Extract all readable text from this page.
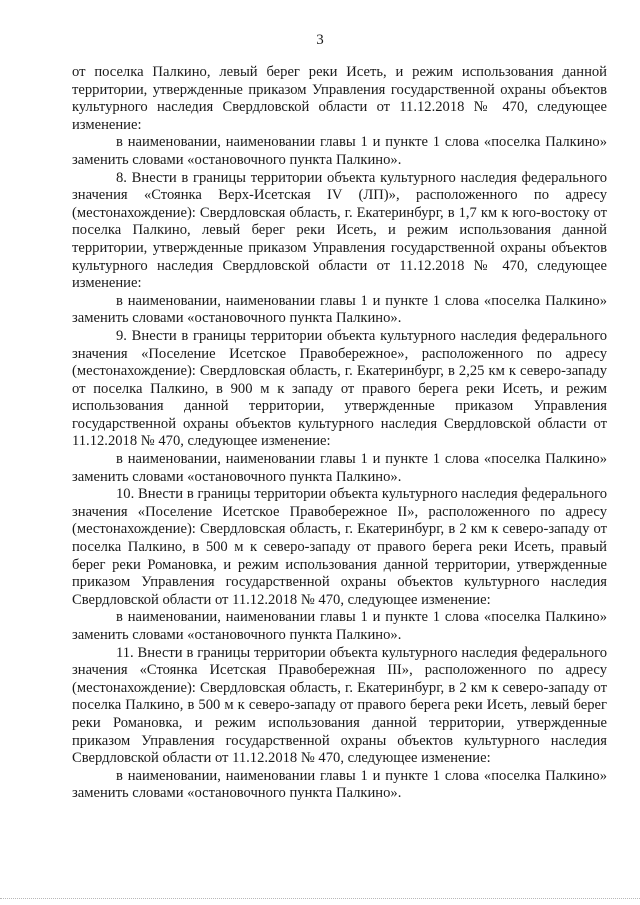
3

от поселка Палкино, левый берег реки Исеть, и режим использования данной территории, утвержденные приказом Управления государственной охраны объектов культурного наследия Свердловской области от 11.12.2018 № 470, следующее изменение:

в наименовании, наименовании главы 1 и пункте 1 слова «поселка Палкино» заменить словами «остановочного пункта Палкино».

8. Внести в границы территории объекта культурного наследия федерального значения «Стоянка Верх-Исетская IV (ЛП)», расположенного по адресу (местонахождение): Свердловская область, г. Екатеринбург, в 1,7 км к юго-востоку от поселка Палкино, левый берег реки Исеть, и режим использования данной территории, утвержденные приказом Управления государственной охраны объектов культурного наследия Свердловской области от 11.12.2018 № 470, следующее изменение:

в наименовании, наименовании главы 1 и пункте 1 слова «поселка Палкино» заменить словами «остановочного пункта Палкино».

9. Внести в границы территории объекта культурного наследия федерального значения «Поселение Исетское Правобережное», расположенного по адресу (местонахождение): Свердловская область, г. Екатеринбург, в 2,25 км к северо-западу от поселка Палкино, в 900 м к западу от правого берега реки Исеть, и режим использования данной территории, утвержденные приказом Управления государственной охраны объектов культурного наследия Свердловской области от 11.12.2018 № 470, следующее изменение:

в наименовании, наименовании главы 1 и пункте 1 слова «поселка Палкино» заменить словами «остановочного пункта Палкино».

10. Внести в границы территории объекта культурного наследия федерального значения «Поселение Исетское Правобережное II», расположенного по адресу (местонахождение): Свердловская область, г. Екатеринбург, в 2 км к северо-западу от поселка Палкино, в 500 м к северо-западу от правого берега реки Исеть, правый берег реки Романовка, и режим использования данной территории, утвержденные приказом Управления государственной охраны объектов культурного наследия Свердловской области от 11.12.2018 № 470, следующее изменение:

в наименовании, наименовании главы 1 и пункте 1 слова «поселка Палкино» заменить словами «остановочного пункта Палкино».

11. Внести в границы территории объекта культурного наследия федерального значения «Стоянка Исетская Правобережная III», расположенного по адресу (местонахождение): Свердловская область, г. Екатеринбург, в 2 км к северо-западу от поселка Палкино, в 500 м к северо-западу от правого берега реки Исеть, левый берег реки Романовка, и режим использования данной территории, утвержденные приказом Управления государственной охраны объектов культурного наследия Свердловской области от 11.12.2018 № 470, следующее изменение:

в наименовании, наименовании главы 1 и пункте 1 слова «поселка Палкино» заменить словами «остановочного пункта Палкино».
